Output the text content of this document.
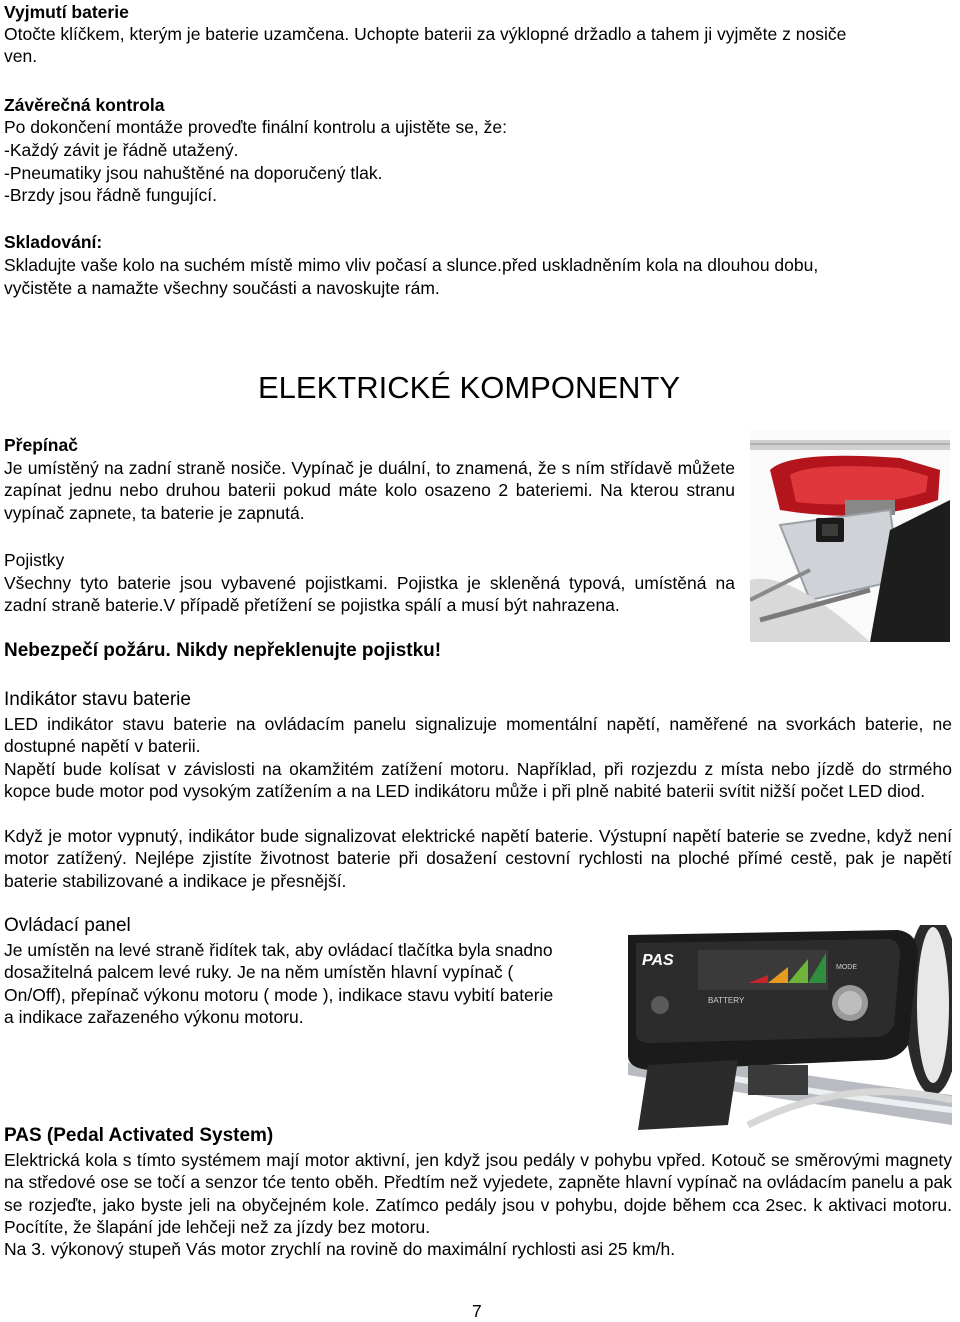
Vyjmutí baterie
Otočte klíčkem, kterým je baterie uzamčena. Uchopte baterii za výklopné držadlo a tahem ji vyjměte z nosiče
ven.
Závěrečná kontrola
Po dokončení montáže proveďte finální kontrolu a ujistěte se, že:
-Každý závit je řádně utažený.
-Pneumatiky jsou nahuštěné na doporučený tlak.
-Brzdy jsou řádně fungující.
Skladování:
Skladujte vaše kolo na suchém místě mimo vliv počasí a slunce.před uskladněním kola na dlouhou dobu,
vyčistěte a namažte všechny součásti a navoskujte rám.
ELEKTRICKÉ KOMPONENTY
Přepínač
Je umístěný na zadní straně nosiče. Vypínač je duální, to znamená, že s ním střídavě můžete zapínat jednu nebo druhou baterii pokud máte kolo osazeno 2 bateriemi. Na kterou stranu vypínač zapnete, ta baterie je zapnutá.
Pojistky
Všechny tyto baterie jsou vybavené pojistkami. Pojistka je skleněná typová, umístěná na zadní straně baterie.V případě přetížení se pojistka spálí a musí být nahrazena.
Nebezpečí požáru. Nikdy nepřeklenujte pojistku!
Indikátor stavu baterie
LED indikátor stavu baterie na ovládacím panelu signalizuje momentální napětí, naměřené na svorkách baterie, ne dostupné napětí v baterii.
Napětí bude kolísat v závislosti na okamžitém zatížení motoru. Například, při rozjezdu z místa nebo jízdě do strmého kopce bude motor pod vysokým zatížením a na LED indikátoru může i při plně nabité baterii svítit nižší počet LED diod.
Když je motor vypnutý, indikátor bude signalizovat elektrické napětí baterie. Výstupní napětí baterie se zvedne, když není motor zatížený. Nejlépe zjistíte životnost baterie při dosažení cestovní rychlosti na ploché přímé cestě, pak je napětí baterie stabilizované a indikace je přesnější.
Ovládací panel
Je umístěn na levé straně řidítek tak, aby ovládací tlačítka byla snadno
dosažitelná palcem levé ruky. Je na něm umístěn hlavní vypínač (
On/Off), přepínač výkonu motoru ( mode ), indikace stavu vybití baterie
a indikace zařazeného výkonu motoru.
PAS
BATTERY
MODE
PAS (Pedal Activated System)
Elektrická kola s tímto systémem mají motor aktivní, jen když jsou pedály v pohybu vpřed. Kotouč se směrovými magnety na středové ose se točí a senzor tće tento oběh. Předtím než vyjedete, zapněte hlavní vypínač na ovládacím panelu a pak se rozjeďte, jako byste jeli na obyčejném kole. Zatímco pedály jsou v pohybu, dojde během cca 2sec. k aktivaci motoru. Pocítíte, že šlapání jde lehčeji než za jízdy bez motoru.
Na 3. výkonový stupeň Vás motor zrychlí na rovině do maximální rychlosti asi 25 km/h.
7
